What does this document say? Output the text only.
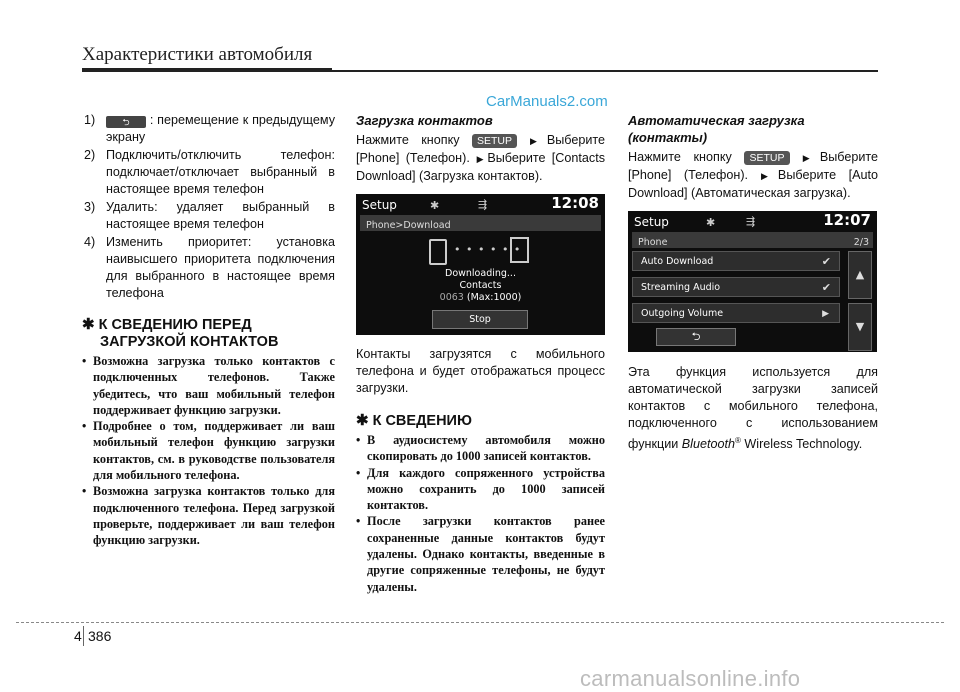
Характеристики автомобиля
CarManuals2.com
1)	⮌ : перемещение к предыдущему экрану
2) Подключить/отключить телефон: подключает/отключает выбранный в настоящее время телефон
3) Удалить: удаляет выбранный в настоящее время телефон
4) Изменить приоритет: установка наивысшего приоритета подключения для выбранного в настоящее время телефона
✱ К СВЕДЕНИЮ ПЕРЕД
ЗАГРУЗКОЙ КОНТАКТОВ
• Возможна загрузка только контактов с подключенных телефонов. Также убедитесь, что ваш мобильный телефон поддерживает функцию загрузки.
• Подробнее о том, поддерживает ли ваш мобильный телефон функцию загрузки контактов, см. в руководстве пользователя для мобильного телефона.
• Возможна загрузка контактов только для подключенного телефона. Перед загрузкой проверьте, поддерживает ли ваш телефон функцию загрузки.
Загрузка контактов
Нажмите кнопку SETUP ▶Выберите [Phone] (Телефон). ▶Выберите [Contacts Download] (Загрузка контактов).
Setup	✱	⇶	12:08
Phone>Download
• • • • • •
Downloading...
Contacts
0063 (Max:1000)
Stop
Контакты загрузятся с мобильного телефона и будет отображаться процесс загрузки.
✱ К СВЕДЕНИЮ
• В аудиосистему автомобиля можно скопировать до 1000 записей контактов.
• Для каждого сопряженного устройства можно сохранить до 1000 записей контактов.
• После загрузки контактов ранее сохраненные данные контактов будут удалены. Однако контакты, введенные в другие сопряженные телефоны, не будут удалены.
Автоматическая загрузка
(контакты)
Нажмите кнопку SETUP ▶Выберите [Phone] (Телефон). ▶Выберите [Auto Download] (Автоматическая загрузка).
Setup	✱	⇶	12:07
Phone	2/3
Auto Download	✔
Streaming Audio	✔
Outgoing Volume	▶
▲
▼
⮌
Эта функция используется для автоматической загрузки записей контактов с мобильного телефона, подключенного с использованием функции Bluetooth® Wireless Technology.
4 386
carmanualsonline.info
